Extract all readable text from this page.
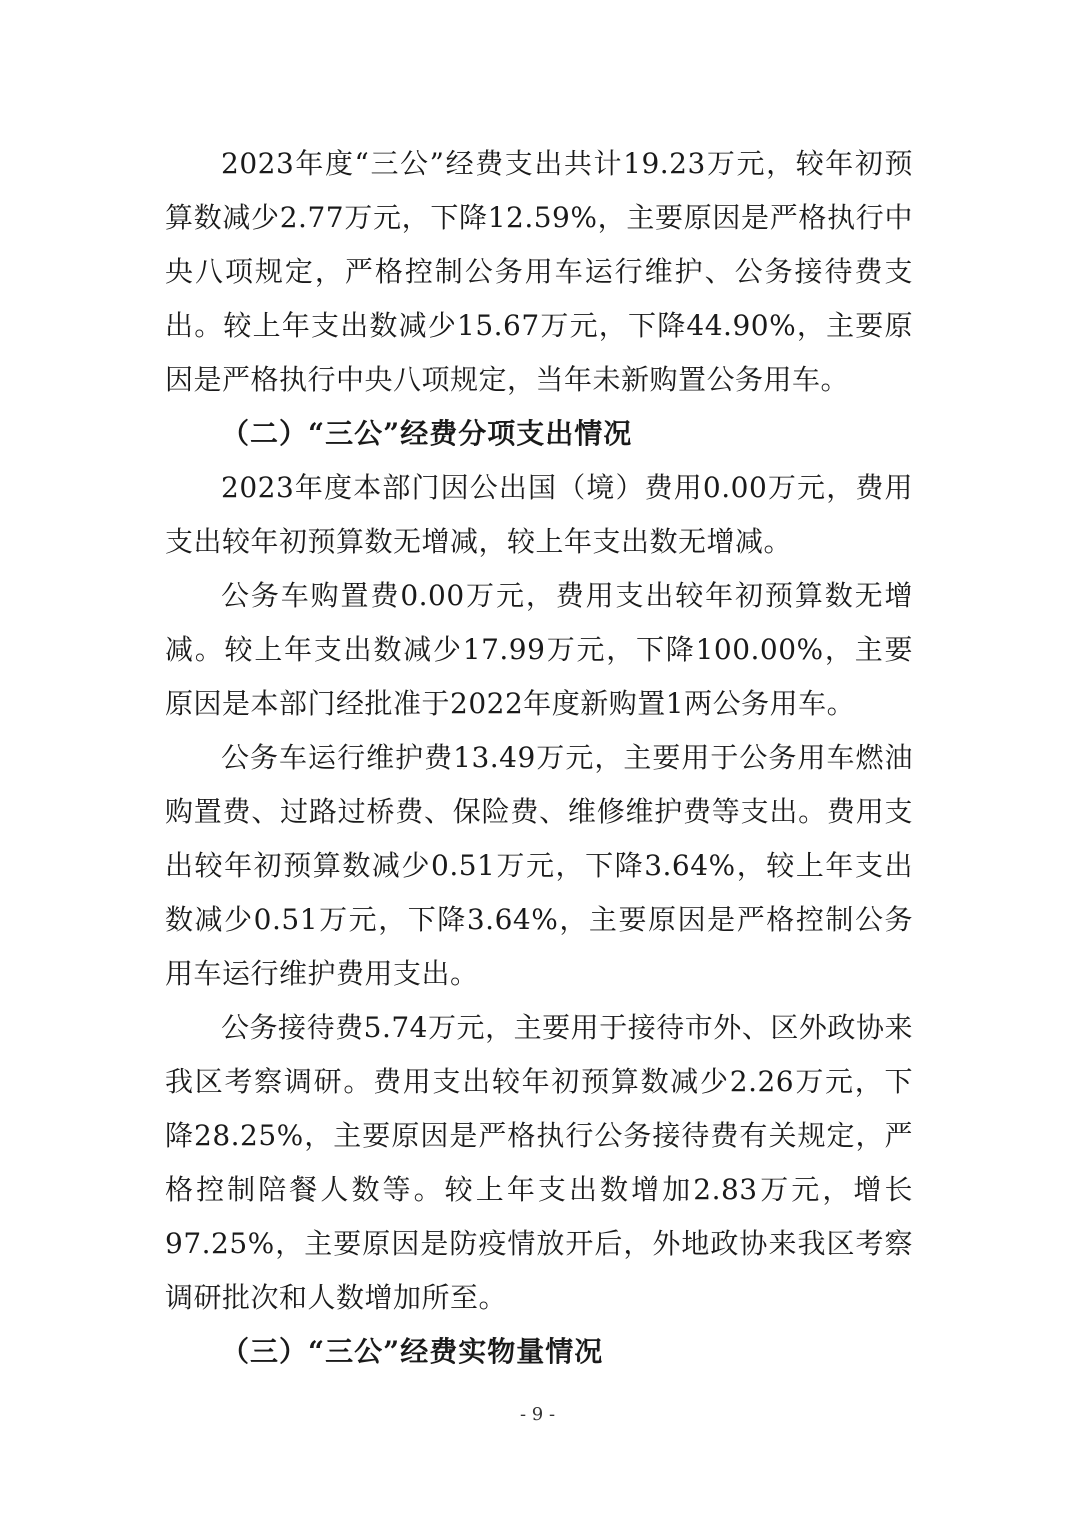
2023年度“三公”经费支出共计19.23万元，较年初预算数减少2.77万元，下降12.59%，主要原因是严格执行中央八项规定，严格控制公务用车运行维护、公务接待费支出。较上年支出数减少15.67万元，下降44.90%，主要原因是严格执行中央八项规定，当年未新购置公务用车。

（二）“三公”经费分项支出情况

2023年度本部门因公出国（境）费用0.00万元，费用支出较年初预算数无增减，较上年支出数无增减。

公务车购置费0.00万元，费用支出较年初预算数无增减。较上年支出数减少17.99万元，下降100.00%，主要原因是本部门经批准于2022年度新购置1两公务用车。

公务车运行维护费13.49万元，主要用于公务用车燃油购置费、过路过桥费、保险费、维修维护费等支出。费用支出较年初预算数减少0.51万元，下降3.64%，较上年支出数减少0.51万元，下降3.64%，主要原因是严格控制公务用车运行维护费用支出。

公务接待费5.74万元，主要用于接待市外、区外政协来我区考察调研。费用支出较年初预算数减少2.26万元，下降28.25%，主要原因是严格执行公务接待费有关规定，严格控制陪餐人数等。较上年支出数增加2.83万元，增长97.25%，主要原因是防疫情放开后，外地政协来我区考察调研批次和人数增加所至。

（三）“三公”经费实物量情况

- 9 -
